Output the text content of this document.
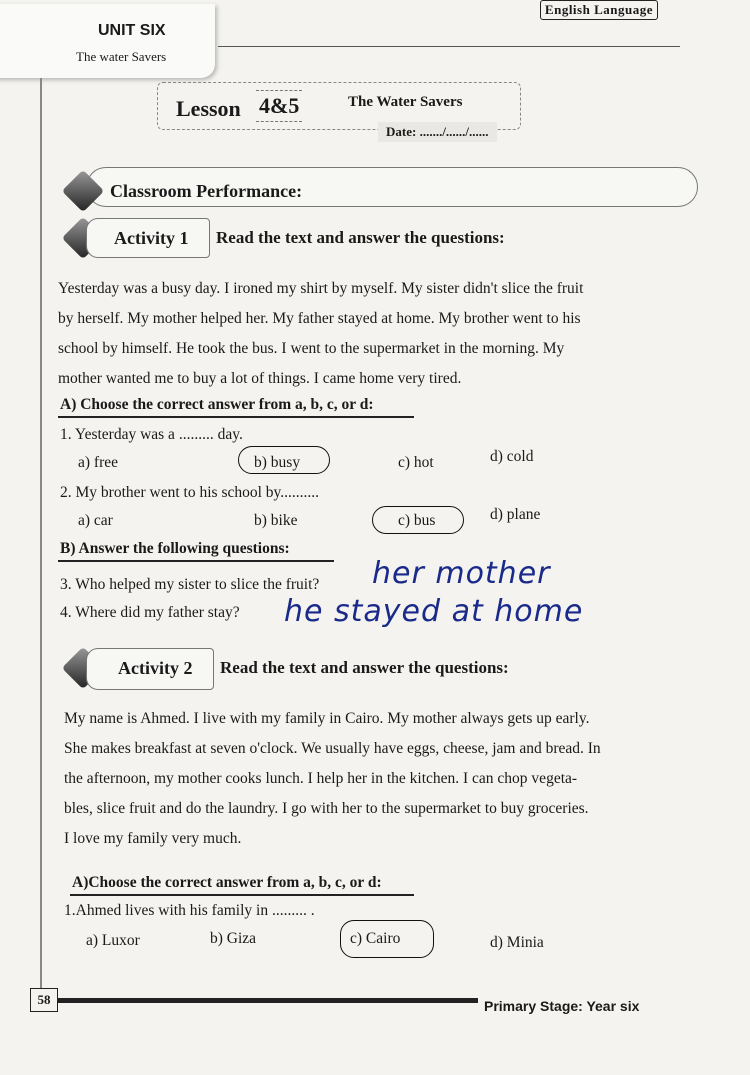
UNIT SIX
The water Savers
English Language
Lesson 4&5	The Water Savers
Date: ......./....../......
Classroom Performance:
Activity 1 Read the text and answer the questions:
Yesterday was a busy day. I ironed my shirt by myself. My sister didn't slice the fruit
by herself. My mother helped her. My father stayed at home. My brother went to his
school by himself. He took the bus. I went to the supermarket in the morning. My
mother wanted me to buy a lot of things. I came home very tired.
A) Choose the correct answer from a, b, c, or d:
1. Yesterday was a ......... day.
a) free	b) busy	c) hot	d) cold
2. My brother went to his school by..........
a) car	b) bike	c) bus	d) plane
B) Answer the following questions:
3. Who helped my sister to slice the fruit? her mother
4. Where did my father stay? he stayed at home
Activity 2 Read the text and answer the questions:
My name is Ahmed. I live with my family in Cairo. My mother always gets up early.
She makes breakfast at seven o'clock. We usually have eggs, cheese, jam and bread. In
the afternoon, my mother cooks lunch. I help her in the kitchen. I can chop vegeta-
bles, slice fruit and do the laundry. I go with her to the supermarket to buy groceries.
I love my family very much.
A)Choose the correct answer from a, b, c, or d:
1.Ahmed lives with his family in ......... .
a) Luxor	b) Giza	c) Cairo	d) Minia
58	Primary Stage: Year six
